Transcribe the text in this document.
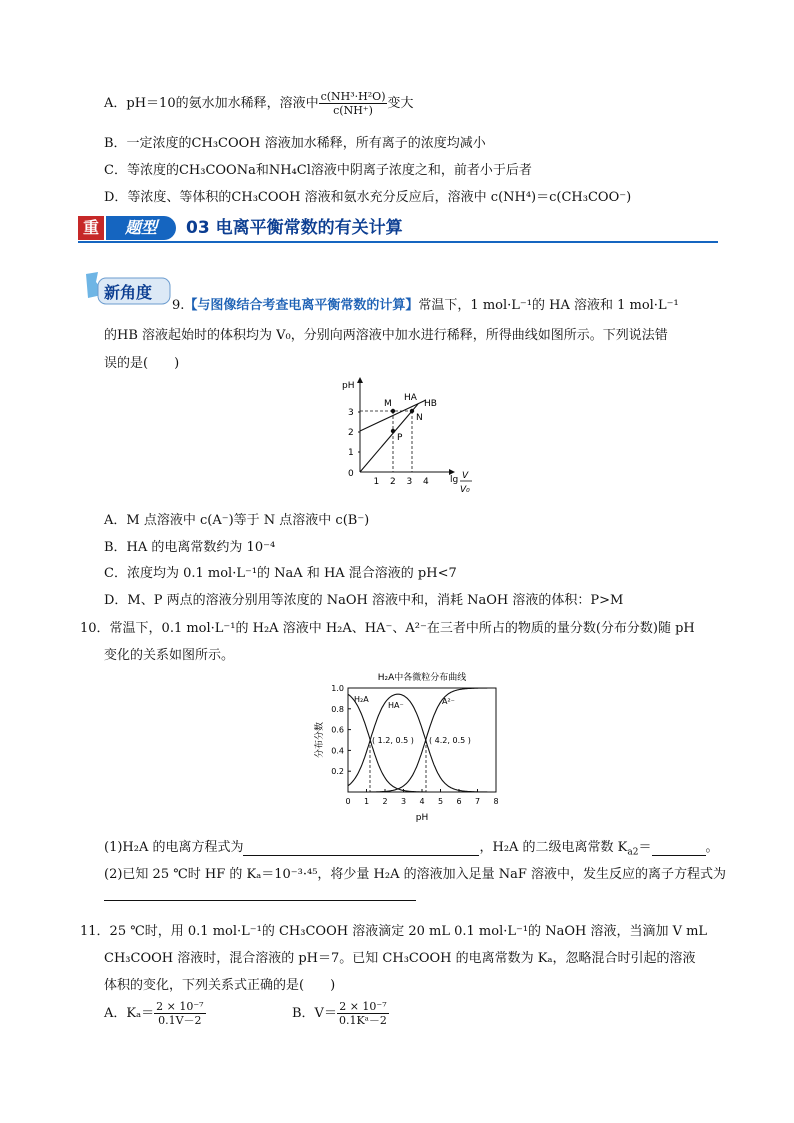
A．pH＝10的氨水加水稀释，溶液中 $\frac{\text{c(NH³·H²O)}}{c(NH^+)}$ 变大
B．一定浓度的CH₃COOH 溶液加水稀释，所有离子的浓度均减小
C．等浓度的CH₃COONa和NH₄Cl溶液中阴离子浓度之和，前者小于后者
D．等浓度、等体积的CH₃COOH 溶液和氨水充分反应后，溶液中 c(NH⁴)＝c(CH₃COO⁻)
重	题型	03 电离平衡常数的有关计算
新角度
9.【与图像结合考查电离平衡常数的计算】常温下，1 mol·L⁻¹的 HA 溶液和 1 mol·L⁻¹
的HB 溶液起始时的体积均为 V₀，分别向两溶液中加水进行稀释，所得曲线如图所示。下列说法错
误的是(　　)
pH
0
1
2
3
1 2 3 4 lg V
V₀
M
HA
HB
N
P
A．M 点溶液中 c(A⁻)等于 N 点溶液中 c(B⁻)
B．HA 的电离常数约为 10⁻⁴
C．浓度均为 0.1 mol·L⁻¹的 NaA 和 HA 混合溶液的 pH<7
D．M、P 两点的溶液分别用等浓度的 NaOH 溶液中和，消耗 NaOH 溶液的体积：P>M
10．常温下，0.1 mol·L⁻¹的 H₂A 溶液中 H₂A、HA⁻、A²⁻在三者中所占的物质的量分数(分布分数)随 pH
变化的关系如图所示。
H₂A中各微粒分布曲线
分布分数
0.2
0.4
0.6
0.8
1.0
0 1 2 3 4 5 6 7 8
pH
H₂A
HA⁻	A²⁻
( 1.2, 0.5 ) ( 4.2, 0.5 )
(1)H₂A 的电离方程式为	，H₂A 的二级电离常数 $K_{a2}=$	。
(2)已知 25 ℃时 HF 的 Kₐ＝10⁻³·⁴⁵，将少量 H₂A 的溶液加入足量 NaF 溶液中，发生反应的离子方程式为
11．25 ℃时，用 0.1 mol·L⁻¹的 CH₃COOH 溶液滴定 20 mL 0.1 mol·L⁻¹的 NaOH 溶液，当滴加 V mL
CH₃COOH 溶液时，混合溶液的 pH＝7。已知 CH₃COOH 的电离常数为 Kₐ，忽略混合时引起的溶液
体积的变化，下列关系式正确的是(　　)
A．$K_a= \frac{\text{2 × 10⁻⁷}}{0.1V-2}$	B．$V= \frac{\text{2 × 10⁻⁷}}{\text{0.1Kᵃ－2}}$
